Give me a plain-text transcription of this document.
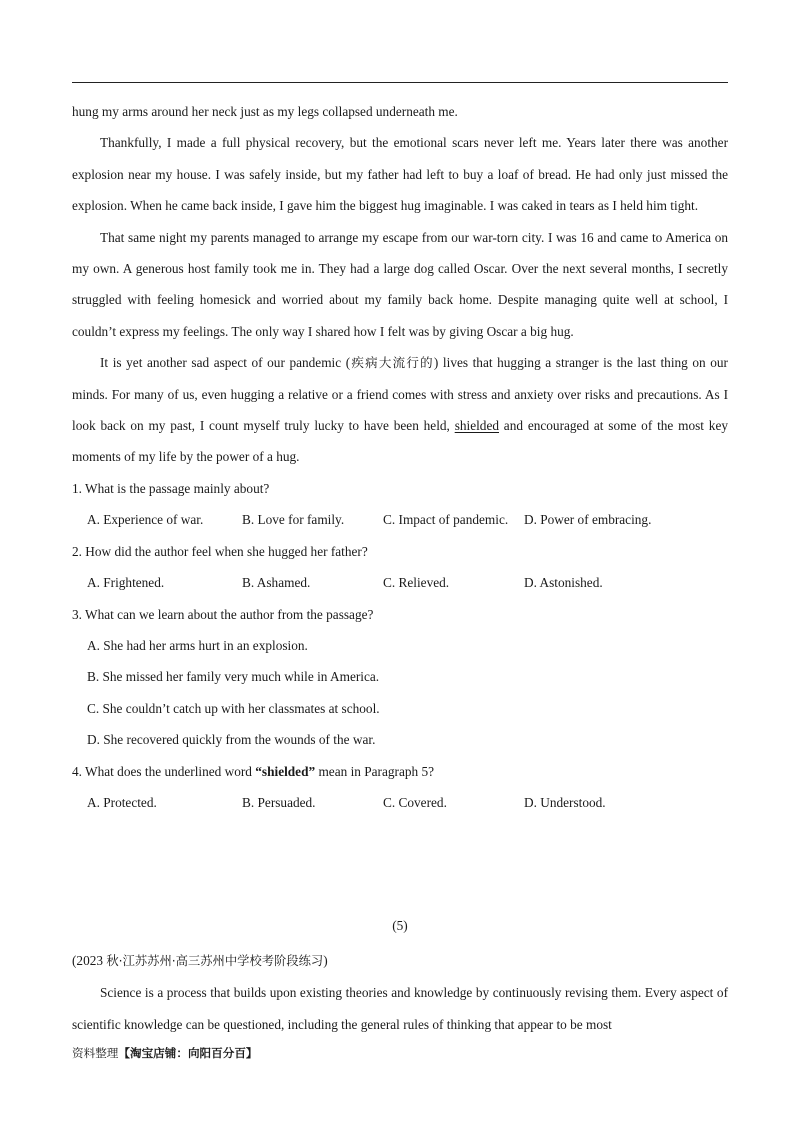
hung my arms around her neck just as my legs collapsed underneath me.

Thankfully, I made a full physical recovery, but the emotional scars never left me. Years later there was another explosion near my house. I was safely inside, but my father had left to buy a loaf of bread. He had only just missed the explosion. When he came back inside, I gave him the biggest hug imaginable. I was caked in tears as I held him tight.

That same night my parents managed to arrange my escape from our war-torn city. I was 16 and came to America on my own. A generous host family took me in. They had a large dog called Oscar. Over the next several months, I secretly struggled with feeling homesick and worried about my family back home. Despite managing quite well at school, I couldn’t express my feelings. The only way I shared how I felt was by giving Oscar a big hug.

It is yet another sad aspect of our pandemic (疾病大流行的) lives that hugging a stranger is the last thing on our minds. For many of us, even hugging a relative or a friend comes with stress and anxiety over risks and precautions. As I look back on my past, I count myself truly lucky to have been held, shielded and encouraged at some of the most key moments of my life by the power of a hug.

1. What is the passage mainly about?

A. Experience of war.	B. Love for family.	C. Impact of pandemic.	D. Power of embracing.

2. How did the author feel when she hugged her father?

A. Frightened.	B. Ashamed.	C. Relieved.	D. Astonished.

3. What can we learn about the author from the passage?

A. She had her arms hurt in an explosion.

B. She missed her family very much while in America.

C. She couldn’t catch up with her classmates at school.

D. She recovered quickly from the wounds of the war.

4. What does the underlined word “shielded” mean in Paragraph 5?

A. Protected.	B. Persuaded.	C. Covered.	D. Understood.
(5)

(2023 秋·江苏苏州·高三苏州中学校考阶段练习)

Science is a process that builds upon existing theories and knowledge by continuously revising them. Every aspect of scientific knowledge can be questioned, including the general rules of thinking that appear to be most

资料整理【淘宝店铺：向阳百分百】
